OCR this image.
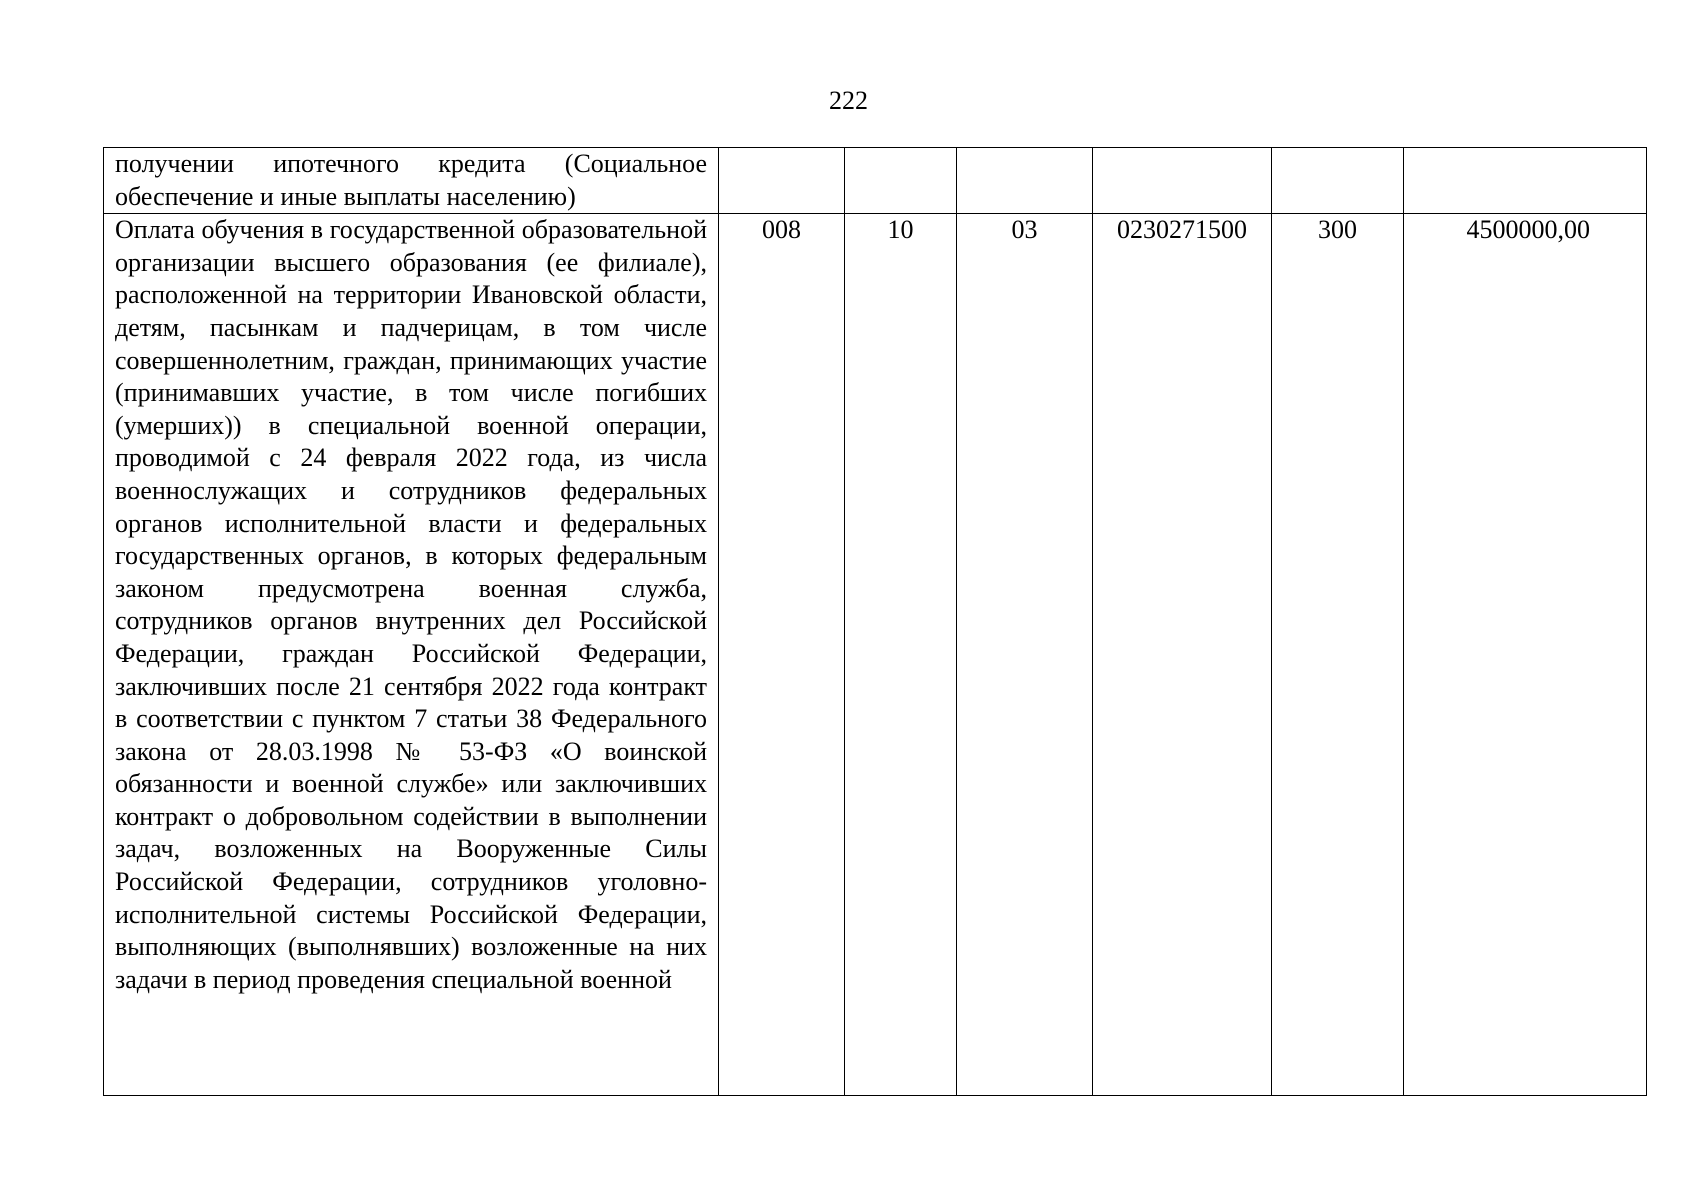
222
получении ипотечного кредита (Социальное обеспечение и иные выплаты населению)						

Оплата обучения в государственной образовательной организации высшего образования (ее филиале), расположенной на территории Ивановской области, детям, пасынкам и падчерицам, в том числе совершеннолетним, граждан, принимающих участие (принимавших участие, в том числе погибших (умерших)) в специальной военной операции, проводимой с 24 февраля 2022 года, из числа военнослужащих и сотрудников федеральных органов исполнительной власти и федеральных государственных органов, в которых федеральным законом предусмотрена военная служба, сотрудников органов внутренних дел Российской Федерации, граждан Российской Федерации, заключивших после 21 сентября 2022 года контракт в соответствии с пунктом 7 статьи 38 Федерального закона от 28.03.1998 № 53-ФЗ «О воинской обязанности и военной службе» или заключивших контракт о добровольном содействии в выполнении задач, возложенных на Вооруженные Силы Российской Федерации, сотрудников уголовно-исполнительной системы Российской Федерации, выполняющих (выполнявших) возложенные на них задачи в период проведения специальной военной	008	10	03	0230271500	300	4500000,00
